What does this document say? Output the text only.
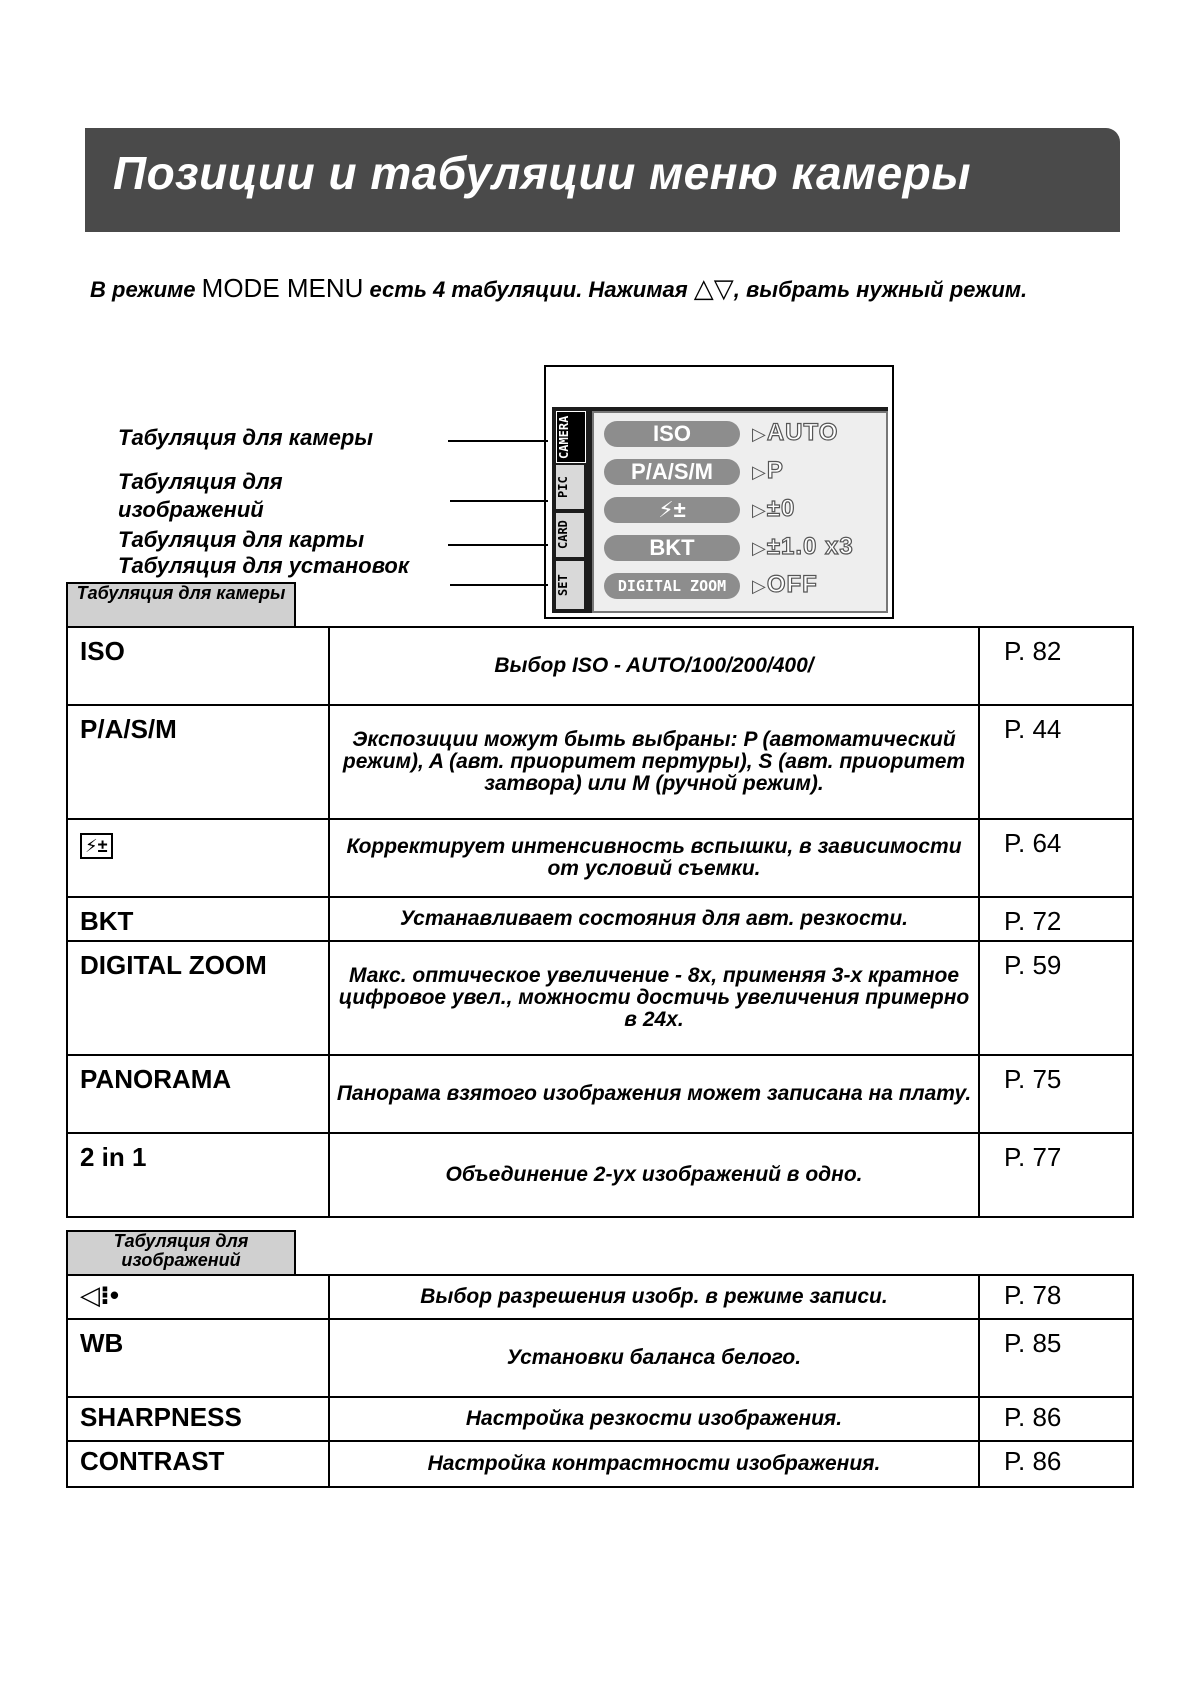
Позиции и табуляции меню камеры
В режиме MODE MENU есть 4 табуляции. Нажимая △▽, выбрать нужный режим.
CAMERA
PIC
CARD
SET
ISO	▷AUTO
P/A/S/M	▷P
⚡±	▷±0
BKT	▷±1.0 x3
DIGITAL ZOOM	▷OFF
Табуляция для камеры
Табуляция для
изображений
Табуляция для карты
Табуляция для установок
Табуляция для камеры
ISO	Выбор ISO - AUTO/100/200/400/	P. 82
P/A/S/M	Экспозиции можут быть выбраны: P (автоматический режим), A (авт. приоритет пертуры), S (авт. приоритет затвора) или M (ручной режим).	P. 44
⚡±	Корректирует интенсивность вспышки, в зависимости от условий съемки.	P. 64
BKT	Устанавливает состояния для авт. резкости.	P. 72
DIGITAL ZOOM	Макс. оптическое увеличение - 8x, применяя 3-х кратное цифровое увел., можности достичь увеличения примерно в 24x.	P. 59
PANORAMA	Панорама взятого изображения может записана на плату.	P. 75
2 in 1	Объединение 2-ух изображений в одно.	P. 77
Табуляция для изображений
◁⁝•	Выбор разрешения изобр. в режиме записи.	P. 78
WB	Установки баланса белого.	P. 85
SHARPNESS	Настройка резкости изображения.	P. 86
CONTRAST	Настройка контрастности изображения.	P. 86
